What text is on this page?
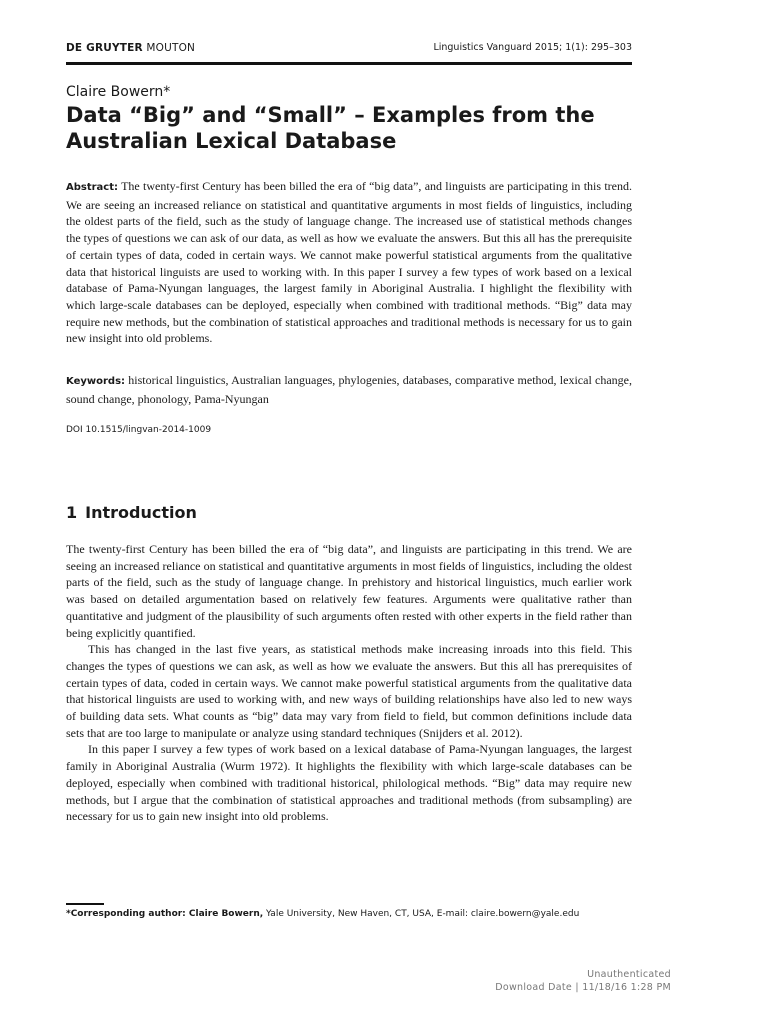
DE GRUYTER MOUTON	Linguistics Vanguard 2015; 1(1): 295–303
Claire Bowern*
Data “Big” and “Small” – Examples from the Australian Lexical Database

Abstract: The twenty-first Century has been billed the era of “big data”, and linguists are participating in this trend. We are seeing an increased reliance on statistical and quantitative arguments in most fields of linguistics, including the oldest parts of the field, such as the study of language change. The increased use of statistical methods changes the types of questions we can ask of our data, as well as how we evaluate the answers. But this all has the prerequisite of certain types of data, coded in certain ways. We cannot make powerful statistical arguments from the qualitative data that historical linguists are used to working with. In this paper I survey a few types of work based on a lexical database of Pama-Nyungan languages, the largest family in Aboriginal Australia. I highlight the flexibility with which large-scale databases can be deployed, especially when combined with traditional methods. “Big” data may require new methods, but the combination of statistical approaches and traditional methods is necessary for us to gain new insight into old problems.

Keywords: historical linguistics, Australian languages, phylogenies, databases, comparative method, lexical change, sound change, phonology, Pama-Nyungan

DOI 10.1515/lingvan-2014-1009
1 Introduction

The twenty-first Century has been billed the era of “big data”, and linguists are participating in this trend. We are seeing an increased reliance on statistical and quantitative arguments in most fields of linguistics, including the oldest parts of the field, such as the study of language change. In prehistory and historical linguistics, much earlier work was based on detailed argumentation based on relatively few features. Arguments were qualitative rather than quantitative and judgment of the plausibility of such arguments often rested with other experts in the field rather than being explicitly quantified.

This has changed in the last five years, as statistical methods make increasing inroads into this field. This changes the types of questions we can ask, as well as how we evaluate the answers. But this all has prerequisites of certain types of data, coded in certain ways. We cannot make powerful statistical arguments from the qualitative data that historical linguists are used to working with, and new ways of building relationships have also led to new ways of building data sets. What counts as “big” data may vary from field to field, but common definitions include data sets that are too large to manipulate or analyze using standard techniques (Snijders et al. 2012).

In this paper I survey a few types of work based on a lexical database of Pama-Nyungan languages, the largest family in Aboriginal Australia (Wurm 1972). It highlights the flexibility with which large-scale databases can be deployed, especially when combined with traditional historical, philological methods. “Big” data may require new methods, but I argue that the combination of statistical approaches and traditional methods (from subsampling) are necessary for us to gain new insight into old problems.

*Corresponding author: Claire Bowern, Yale University, New Haven, CT, USA, E-mail: claire.bowern@yale.edu
Unauthenticated
Download Date | 11/18/16 1:28 PM
